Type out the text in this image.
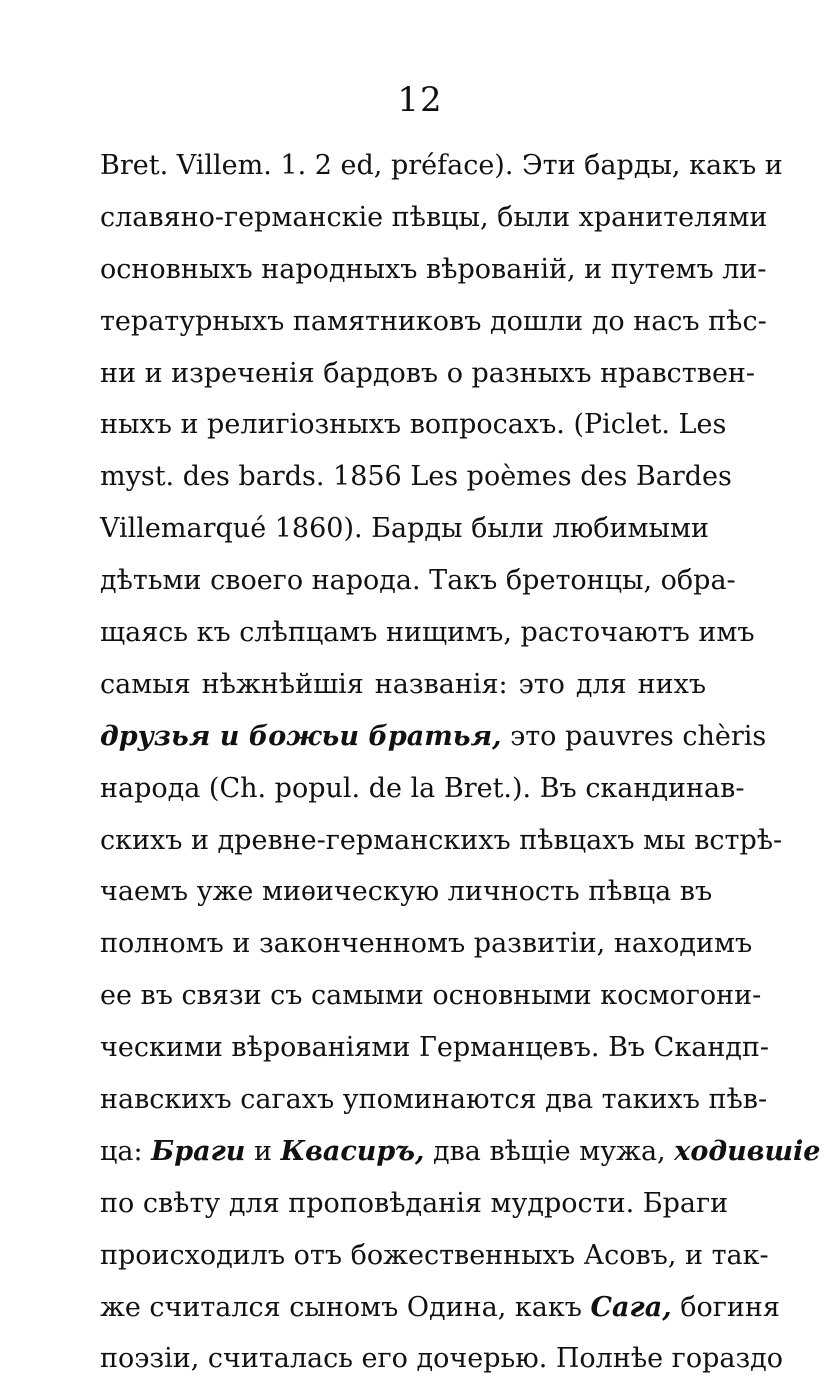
12
Bret. Villem. 1. 2 ed, préface). Эти барды, какъ и
славяно-германскіе пѣвцы, были хранителями
основныхъ народныхъ вѣрованій, и путемъ ли-
тературныхъ памятниковъ дошли до насъ пѣс-
ни и изреченія бардовъ о разныхъ нравствен-
ныхъ и религіозныхъ вопросахъ. (Piclet. Les
myst. des bards. 1856 Les poèmes des Bardes
Villemarqué 1860). Барды были любимыми
дѣтьми своего народа. Такъ бретонцы, обра-
щаясь къ слѣпцамъ нищимъ, расточаютъ имъ
самыя нѣжнѣйшія названія: это для нихъ
друзья и божьи братья, это pauvres chèris
народа (Ch. popul. de la Bret.). Въ скандинав-
скихъ и древне-германскихъ пѣвцахъ мы встрѣ-
чаемъ уже миѳическую личность пѣвца въ
полномъ и законченномъ развитіи, находимъ
ее въ связи съ самыми основными космогони-
ческими вѣрованіями Германцевъ. Въ Скандп-
навскихъ сагахъ упоминаются два такихъ пѣв-
ца: Браги и Квасиръ, два вѣщіе мужа, ходившіе
по свѣту для проповѣданія мудрости. Браги
происходилъ отъ божественныхъ Асовъ, и так-
же считался сыномъ Одина, какъ Сага, богиня
поэзіи, считалась его дочерью. Полнѣе гораздо
